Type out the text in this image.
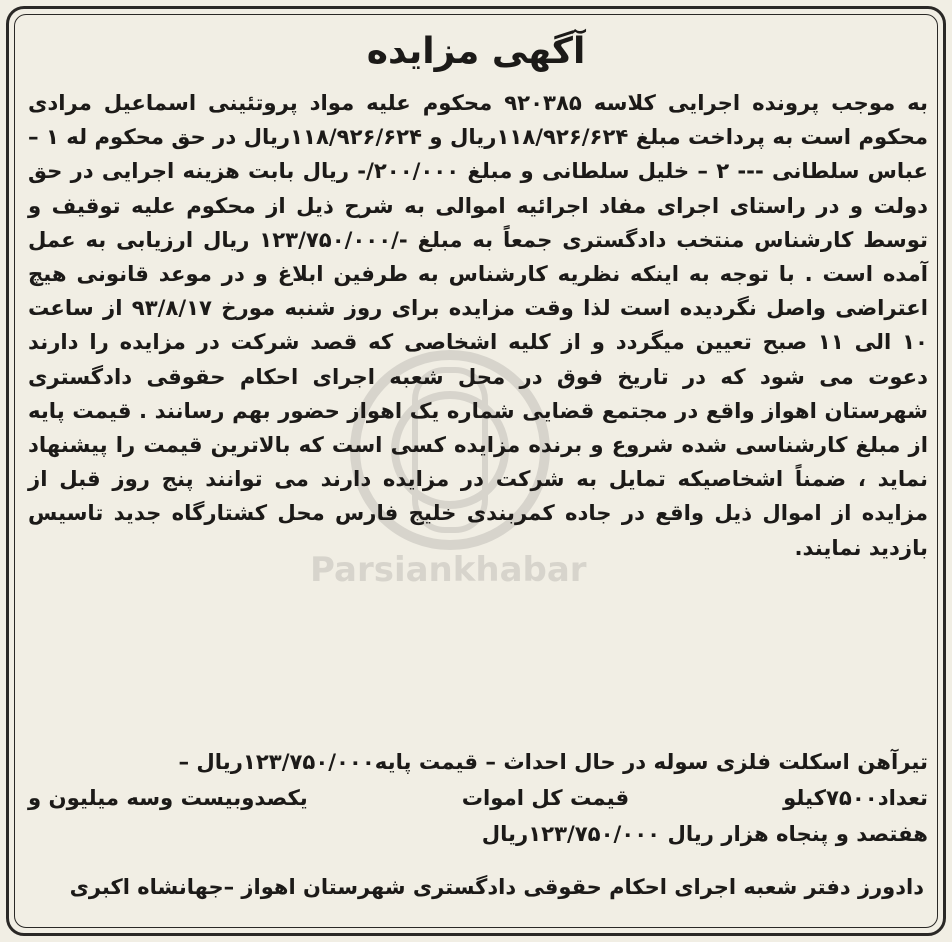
Parsiankhabar
آگهی مزایده

به موجب پرونده اجرایی کلاسه ۹۲۰۳۸۵ محکوم علیه مواد پروتئینی اسماعیل مرادی محکوم است به پرداخت مبلغ ۱۱۸/۹۲۶/۶۲۴ریال و ۱۱۸/۹۲۶/۶۲۴ریال در حق محکوم له ۱ – عباس سلطانی --- ۲ – خلیل سلطانی و مبلغ ۲۰۰/۰۰۰/- ریال بابت هزینه اجرایی در حق دولت و در راستای اجرای مفاد اجرائیه اموالی به شرح ذیل از محکوم علیه توقیف و توسط کارشناس منتخب دادگستری جمعاً به مبلغ -/۱۲۳/۷۵۰/۰۰۰ ریال ارزیابی به عمل آمده است . با توجه به اینکه نظریه کارشناس به طرفین ابلاغ و در موعد قانونی هیچ اعتراضی واصل نگردیده است لذا وقت مزایده برای روز شنبه مورخ ۹۳/۸/۱۷ از ساعت ۱۰ الی ۱۱ صبح تعیین میگردد و از کلیه اشخاصی که قصد شرکت در مزایده را دارند دعوت می شود که در تاریخ فوق در محل شعبه اجرای احکام حقوقی دادگستری شهرستان اهواز واقع در مجتمع قضایی شماره یک اهواز حضور بهم رسانند . قیمت پایه از مبلغ کارشناسی شده شروع و برنده مزایده کسی است که بالاترین قیمت را پیشنهاد نماید ، ضمناً اشخاصیکه تمایل به شرکت در مزایده دارند می توانند پنج روز قبل از مزایده از اموال ذیل واقع در جاده کمربندی خلیج فارس محل کشتارگاه جدید تاسیس بازدید نمایند.

تیرآهن اسکلت فلزی سوله در حال احداث – قیمت پایه۱۲۳/۷۵۰/۰۰۰ریال –
تعداد۷۵۰۰کیلو
قیمت کل اموات
یکصدوبیست وسه میلیون و
هفتصد و پنجاه هزار ریال ۱۲۳/۷۵۰/۰۰۰ریال
دادورز دفتر شعبه اجرای احکام حقوقی دادگستری شهرستان اهواز –جهانشاه اکبری
